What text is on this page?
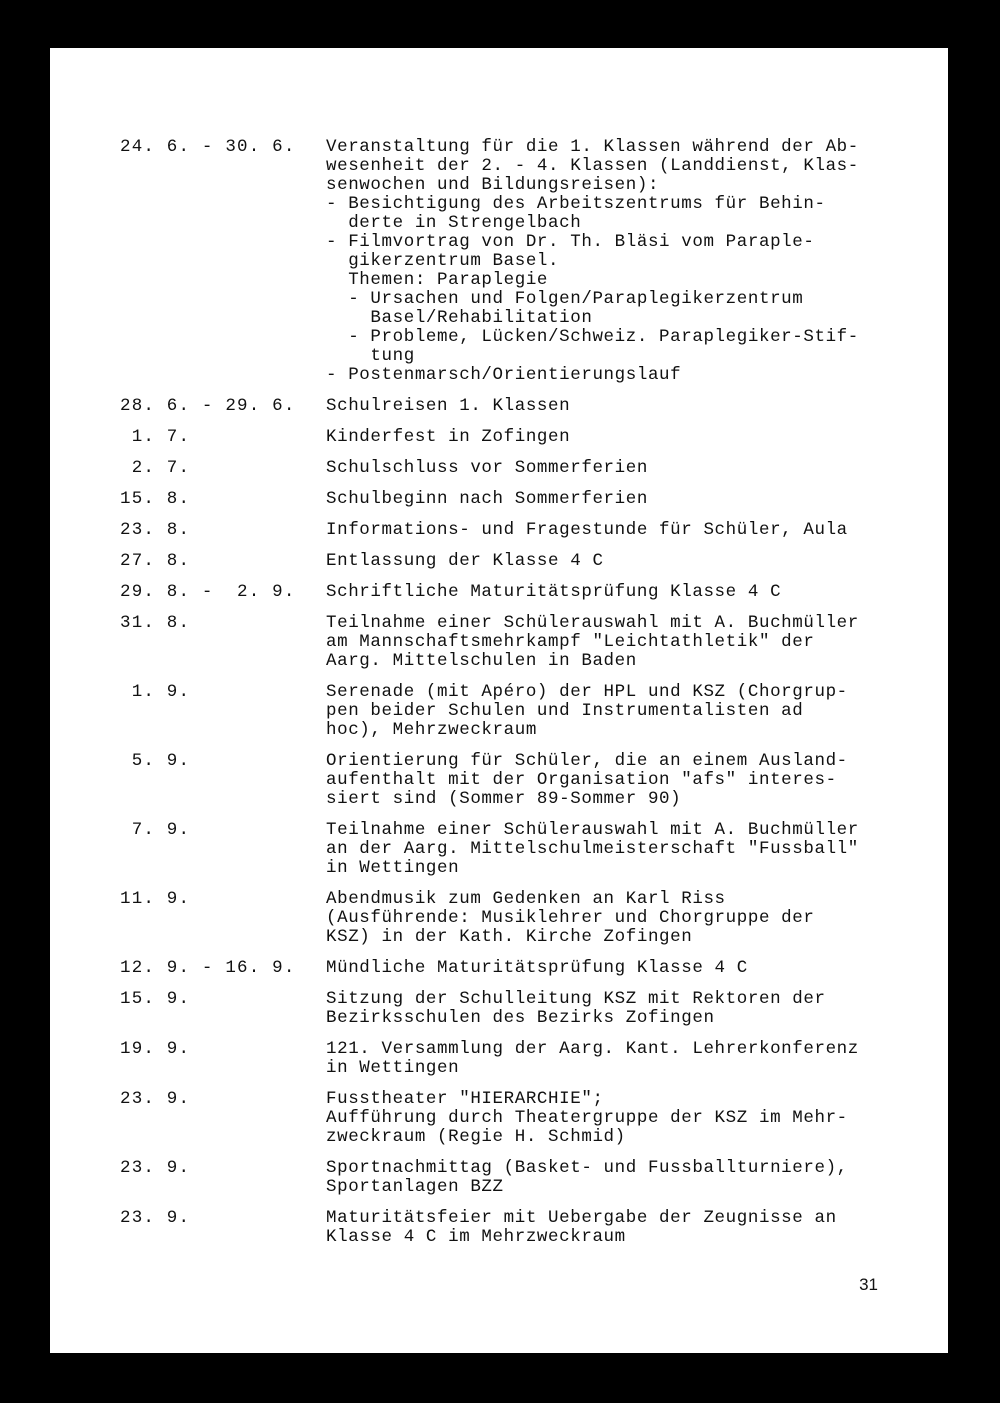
24. 6. - 30. 6.	Veranstaltung für die 1. Klassen während der Ab-
wesenheit der 2. - 4. Klassen (Landdienst, Klas-
senwochen und Bildungsreisen):
- Besichtigung des Arbeitszentrums für Behin-
derte in Strengelbach
- Filmvortrag von Dr. Th. Bläsi vom Paraple-
gikerzentrum Basel.
Themen: Paraplegie
- Ursachen und Folgen/Paraplegikerzentrum
Basel/Rehabilitation
- Probleme, Lücken/Schweiz. Paraplegiker-Stif-
tung
- Postenmarsch/Orientierungslauf
28. 6. - 29. 6.	Schulreisen 1. Klassen
1. 7.	Kinderfest in Zofingen
2. 7.	Schulschluss vor Sommerferien
15. 8.	Schulbeginn nach Sommerferien
23. 8.	Informations- und Fragestunde für Schüler, Aula
27. 8.	Entlassung der Klasse 4 C
29. 8. -  2. 9.	Schriftliche Maturitätsprüfung Klasse 4 C
31. 8.	Teilnahme einer Schülerauswahl mit A. Buchmüller
am Mannschaftsmehrkampf "Leichtathletik" der
Aarg. Mittelschulen in Baden
1. 9.	Serenade (mit Apéro) der HPL und KSZ (Chorgrup-
pen beider Schulen und Instrumentalisten ad
hoc), Mehrzweckraum
5. 9.	Orientierung für Schüler, die an einem Ausland-
aufenthalt mit der Organisation "afs" interes-
siert sind (Sommer 89-Sommer 90)
7. 9.	Teilnahme einer Schülerauswahl mit A. Buchmüller
an der Aarg. Mittelschulmeisterschaft "Fussball"
in Wettingen
11. 9.	Abendmusik zum Gedenken an Karl Riss
(Ausführende: Musiklehrer und Chorgruppe der
KSZ) in der Kath. Kirche Zofingen
12. 9. - 16. 9.	Mündliche Maturitätsprüfung Klasse 4 C
15. 9.	Sitzung der Schulleitung KSZ mit Rektoren der
Bezirksschulen des Bezirks Zofingen
19. 9.	121. Versammlung der Aarg. Kant. Lehrerkonferenz
in Wettingen
23. 9.	Fusstheater "HIERARCHIE";
Aufführung durch Theatergruppe der KSZ im Mehr-
zweckraum (Regie H. Schmid)
23. 9.	Sportnachmittag (Basket- und Fussballturniere),
Sportanlagen BZZ
23. 9.	Maturitätsfeier mit Uebergabe der Zeugnisse an
Klasse 4 C im Mehrzweckraum
31
